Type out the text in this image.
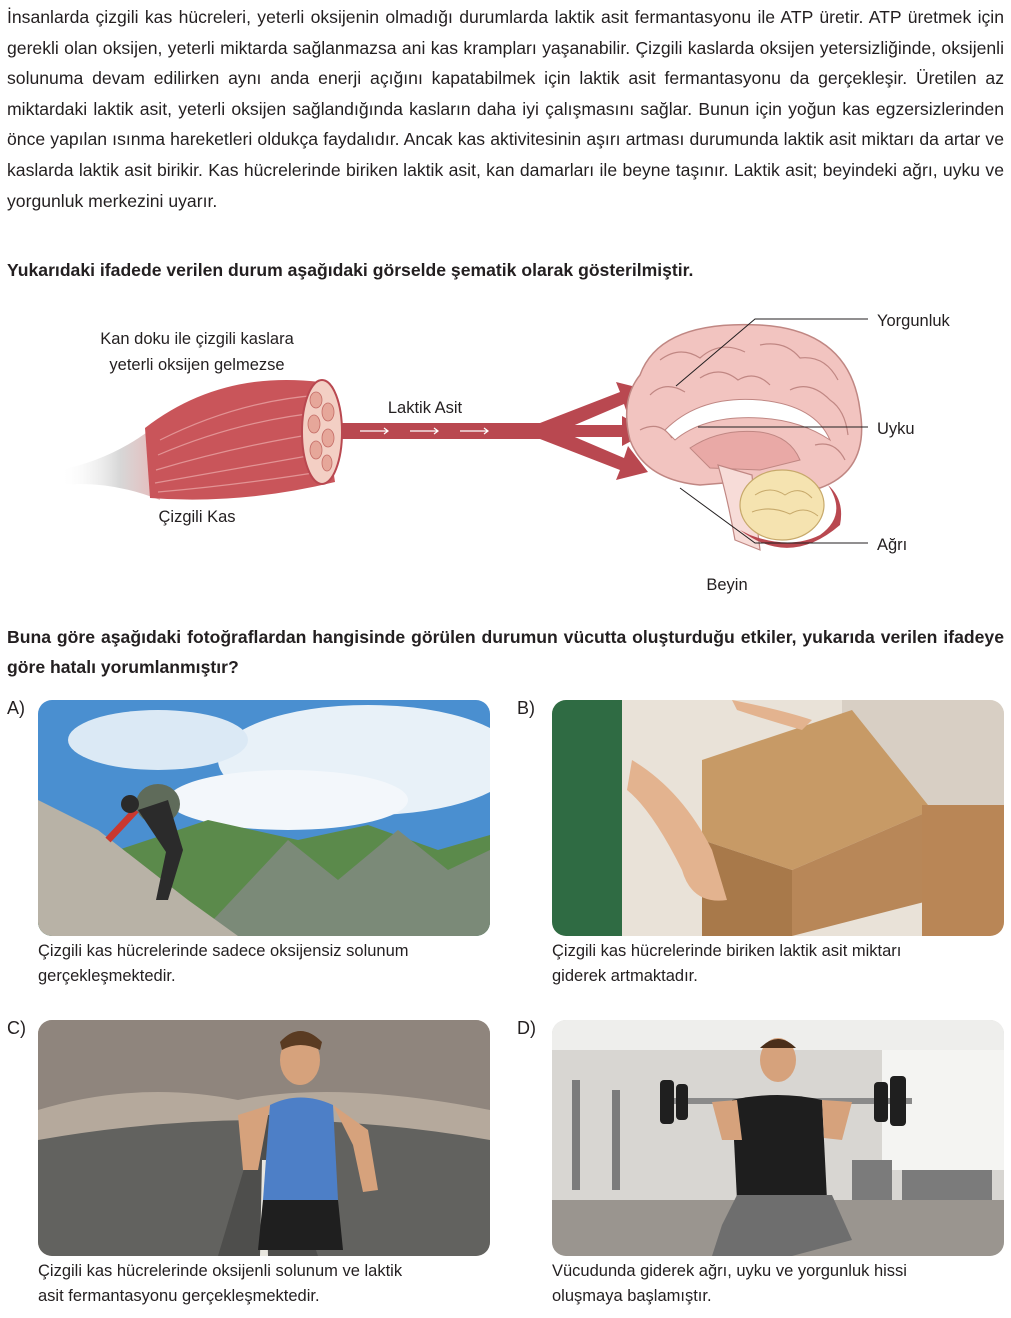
İnsanlarda çizgili kas hücreleri, yeterli oksijenin olmadığı durumlarda laktik asit fermantasyonu ile ATP üretir. ATP üretmek için gerekli olan oksijen, yeterli miktarda sağlanmazsa ani kas krampları yaşanabilir. Çizgili kaslarda oksijen yetersizliğinde, oksijenli solunuma devam edilirken aynı anda enerji açığını kapatabilmek için laktik asit fermantasyonu da gerçekleşir. Üretilen az miktardaki laktik asit, yeterli oksijen sağlandığında kasların daha iyi çalışmasını sağlar. Bunun için yoğun kas egzersizlerinden önce yapılan ısınma hareketleri oldukça faydalıdır. Ancak kas aktivitesinin aşırı artması durumunda laktik asit miktarı da artar ve kaslarda laktik asit birikir. Kas hücrelerinde biriken laktik asit, kan damarları ile beyne taşınır. Laktik asit; beyindeki ağrı, uyku ve yorgunluk merkezini uyarır.

Yukarıdaki ifadede verilen durum aşağıdaki görselde şematik olarak gösterilmiştir.

Kan doku ile çizgili kaslara
yeterli oksijen gelmezse
Çizgili Kas
Laktik Asit
Beyin
Yorgunluk
Uyku
Ağrı

Buna göre aşağıdaki fotoğraflardan hangisinde görülen durumun vücutta oluşturduğu etkiler, yukarıda verilen ifadeye göre hatalı yorumlanmıştır?

A)
Çizgili kas hücrelerinde sadece oksijensiz solunum
gerçekleşmektedir.
B)
Çizgili kas hücrelerinde biriken laktik asit miktarı
giderek artmaktadır.
C)
Çizgili kas hücrelerinde oksijenli solunum ve laktik
asit fermantasyonu gerçekleşmektedir.
D)
Vücudunda giderek ağrı, uyku ve yorgunluk hissi
oluşmaya başlamıştır.
